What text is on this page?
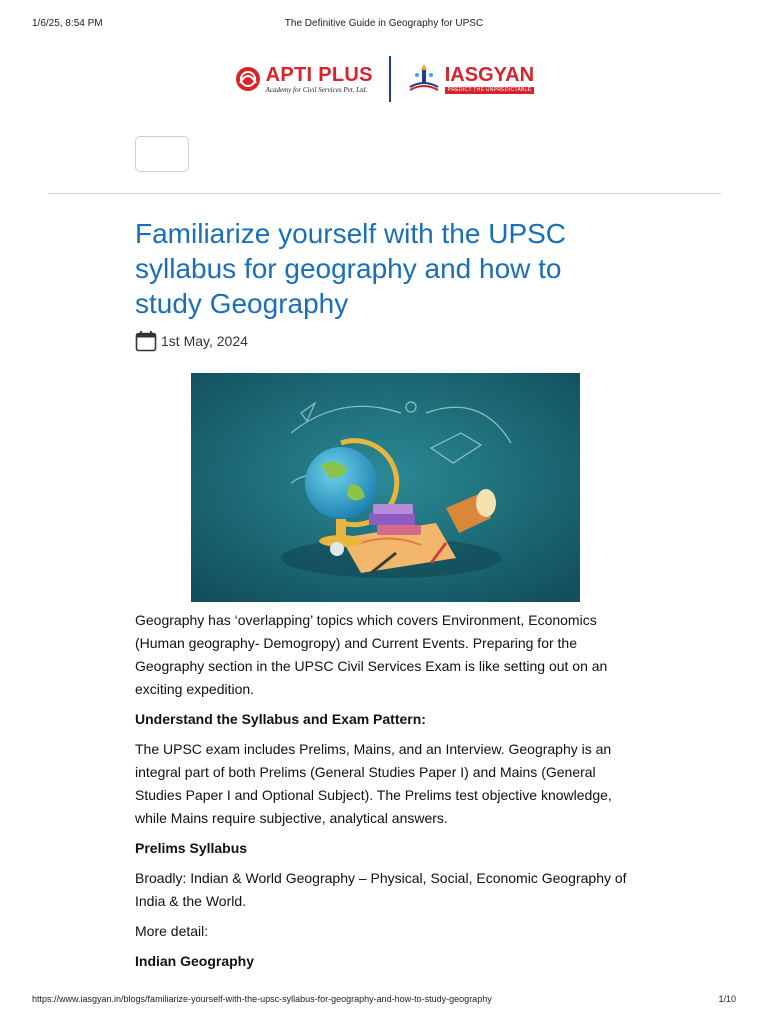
1/6/25, 8:54 PM	The Definitive Guide in Geography for UPSC
APTI PLUS
Academy for Civil Services Pvt. Ltd.
IASGYAN
PREDICT THE UNPREDICTABLE
Familiarize yourself with the UPSC syllabus for geography and how to study Geography
1st May, 2024

Geography has ‘overlapping’ topics which covers Environment, Economics (Human geography- Demogropy) and Current Events. Preparing for the Geography section in the UPSC Civil Services Exam is like setting out on an exciting expedition.

Understand the Syllabus and Exam Pattern:

The UPSC exam includes Prelims, Mains, and an Interview. Geography is an integral part of both Prelims (General Studies Paper I) and Mains (General Studies Paper I and Optional Subject). The Prelims test objective knowledge, while Mains require subjective, analytical answers.

Prelims Syllabus

Broadly: Indian & World Geography – Physical, Social, Economic Geography of India & the World.

More detail:

Indian Geography

https://www.iasgyan.in/blogs/familiarize-yourself-with-the-upsc-syllabus-for-geography-and-how-to-study-geography	1/10
